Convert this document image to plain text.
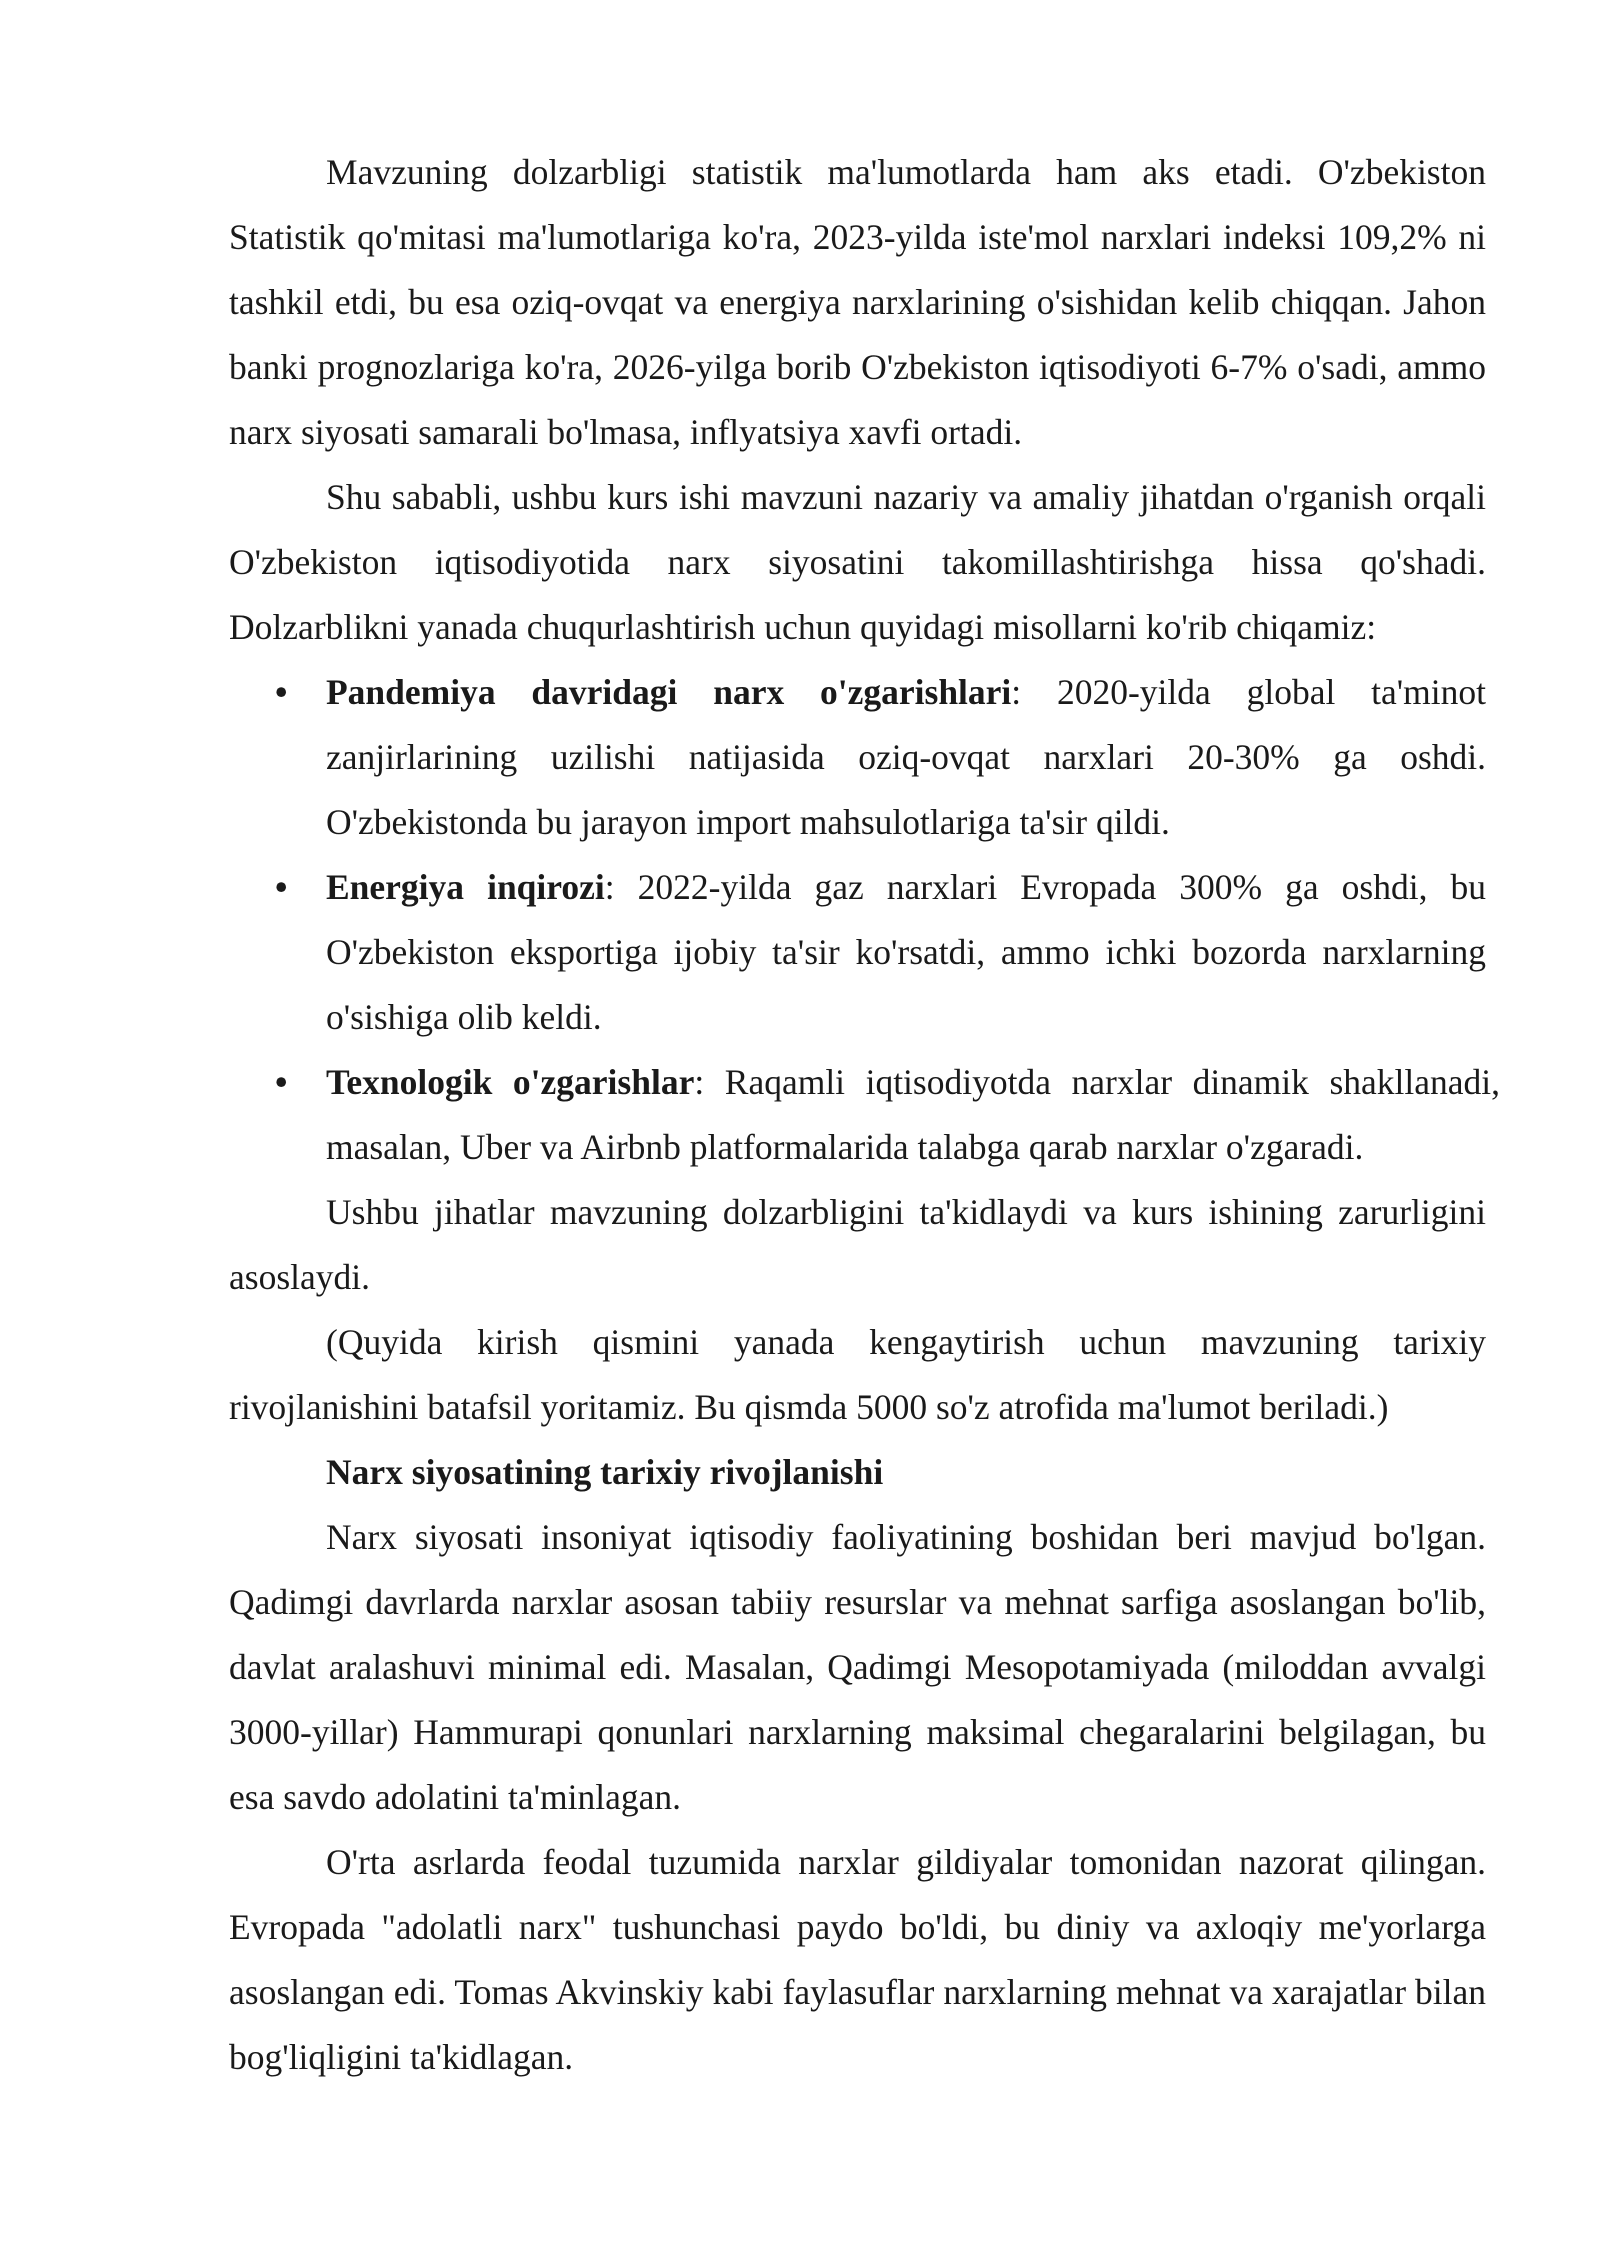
Mavzuning dolzarbligi statistik ma'lumotlarda ham aks etadi. O'zbekiston Statistik qo'mitasi ma'lumotlariga ko'ra, 2023-yilda iste'mol narxlari indeksi 109,2% ni tashkil etdi, bu esa oziq-ovqat va energiya narxlarining o'sishidan kelib chiqqan. Jahon banki prognozlariga ko'ra, 2026-yilga borib O'zbekiston iqtisodiyoti 6-7% o'sadi, ammo narx siyosati samarali bo'lmasa, inflyatsiya xavfi ortadi.

Shu sababli, ushbu kurs ishi mavzuni nazariy va amaliy jihatdan o'rganish orqali O'zbekiston iqtisodiyotida narx siyosatini takomillashtirishga hissa qo'shadi. Dolzarblikni yanada chuqurlashtirish uchun quyidagi misollarni ko'rib chiqamiz:

• Pandemiya davridagi narx o'zgarishlari: 2020-yilda global ta'minot zanjirlarining uzilishi natijasida oziq-ovqat narxlari 20-30% ga oshdi. O'zbekistonda bu jarayon import mahsulotlariga ta'sir qildi.
• Energiya inqirozi: 2022-yilda gaz narxlari Evropada 300% ga oshdi, bu O'zbekiston eksportiga ijobiy ta'sir ko'rsatdi, ammo ichki bozorda narxlarning o'sishiga olib keldi.
• Texnologik o'zgarishlar: Raqamli iqtisodiyotda narxlar dinamik shakllanadi, masalan, Uber va Airbnb platformalarida talabga qarab narxlar o'zgaradi.

Ushbu jihatlar mavzuning dolzarbligini ta'kidlaydi va kurs ishining zarurligini asoslaydi.

(Quyida kirish qismini yanada kengaytirish uchun mavzuning tarixiy rivojlanishini batafsil yoritamiz. Bu qismda 5000 so'z atrofida ma'lumot beriladi.)

Narx siyosatining tarixiy rivojlanishi

Narx siyosati insoniyat iqtisodiy faoliyatining boshidan beri mavjud bo'lgan. Qadimgi davrlarda narxlar asosan tabiiy resurslar va mehnat sarfiga asoslangan bo'lib, davlat aralashuvi minimal edi. Masalan, Qadimgi Mesopotamiyada (miloddan avvalgi 3000-yillar) Hammurapi qonunlari narxlarning maksimal chegaralarini belgilagan, bu esa savdo adolatini ta'minlagan.

O'rta asrlarda feodal tuzumida narxlar gildiyalar tomonidan nazorat qilingan. Evropada "adolatli narx" tushunchasi paydo bo'ldi, bu diniy va axloqiy me'yorlarga asoslangan edi. Tomas Akvinskiy kabi faylasuflar narxlarning mehnat va xarajatlar bilan bog'liqligini ta'kidlagan.
